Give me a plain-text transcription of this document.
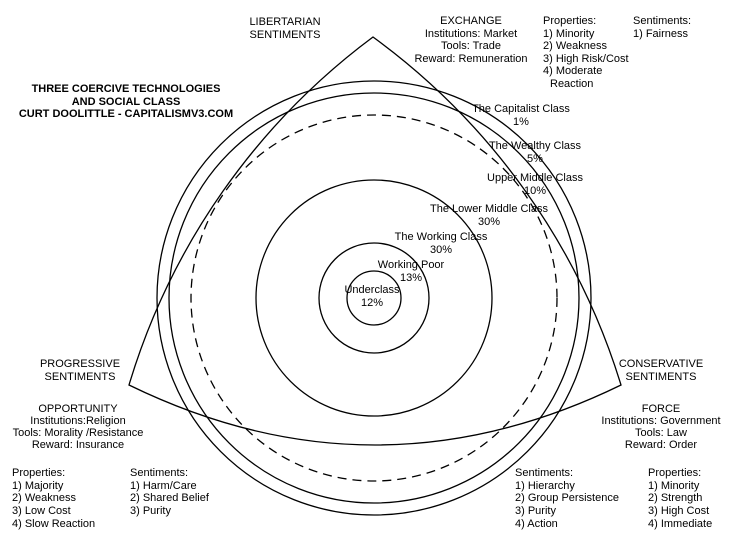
THREE COERCIVE TECHNOLOGIES
AND SOCIAL CLASS
CURT DOOLITTLE - CAPITALISMV3.COM
LIBERTARIAN
SENTIMENTS
PROGRESSIVE
SENTIMENTS
CONSERVATIVE
SENTIMENTS
EXCHANGE
Institutions: Market
Tools: Trade
Reward: Remuneration
Properties:
1) Minority
2) Weakness
3) High Risk/Cost
4) Moderate
Reaction
Sentiments:
1) Fairness
OPPORTUNITY
Institutions:Religion
Tools: Morality /Resistance
Reward: Insurance
Properties:
1) Majority
2) Weakness
3) Low Cost
4) Slow Reaction
Sentiments:
1) Harm/Care
2) Shared Belief
3) Purity
FORCE
Institutions: Government
Tools: Law
Reward: Order
Sentiments:
1) Hierarchy
2) Group Persistence
3) Purity
4) Action
Properties:
1) Minority
2) Strength
3) High Cost
4) Immediate
The Capitalist Class
1%
The Wealthy Class
5%
Upper Middle Class
10%
The Lower Middle Class
30%
The Working Class
30%
Working Poor
13%
Underclass
12%
